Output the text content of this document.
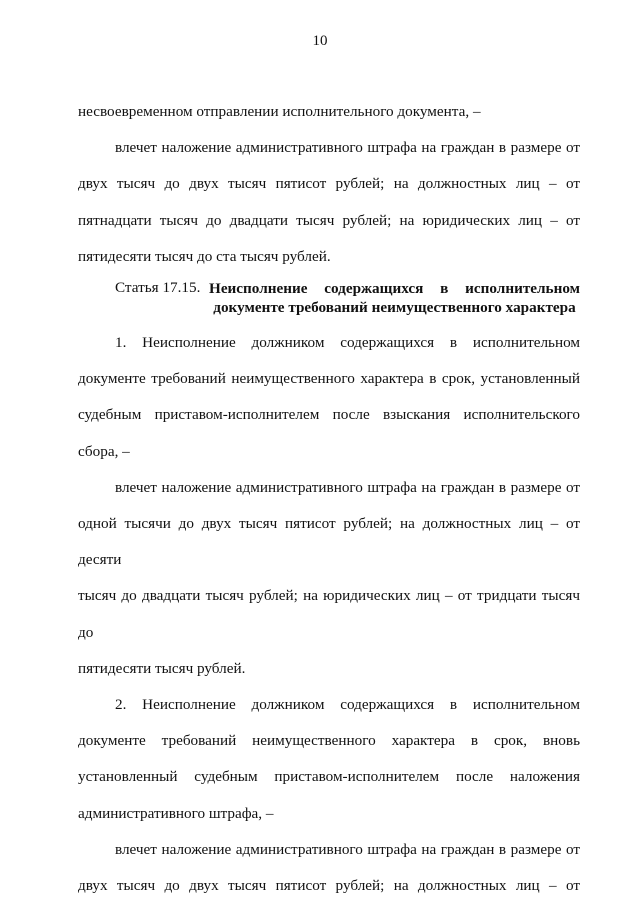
10
несвоевременном отправлении исполнительного документа, –
влечет наложение административного штрафа на граждан в размере от
двух тысяч до двух тысяч пятисот рублей; на должностных лиц – от
пятнадцати тысяч до двадцати тысяч рублей; на юридических лиц – от
пятидесяти тысяч до ста тысяч рублей.
Статья 17.15. Неисполнение содержащихся в исполнительном
документе требований неимущественного характера
1. Неисполнение должником содержащихся в исполнительном
документе требований неимущественного характера в срок, установленный
судебным приставом-исполнителем после взыскания исполнительского
сбора, –
влечет наложение административного штрафа на граждан в размере от
одной тысячи до двух тысяч пятисот рублей; на должностных лиц – от десяти
тысяч до двадцати тысяч рублей; на юридических лиц – от тридцати тысяч до
пятидесяти тысяч рублей.
2. Неисполнение должником содержащихся в исполнительном
документе требований неимущественного характера в срок, вновь
установленный судебным приставом-исполнителем после наложения
административного штрафа, –
влечет наложение административного штрафа на граждан в размере от
двух тысяч до двух тысяч пятисот рублей; на должностных лиц – от
